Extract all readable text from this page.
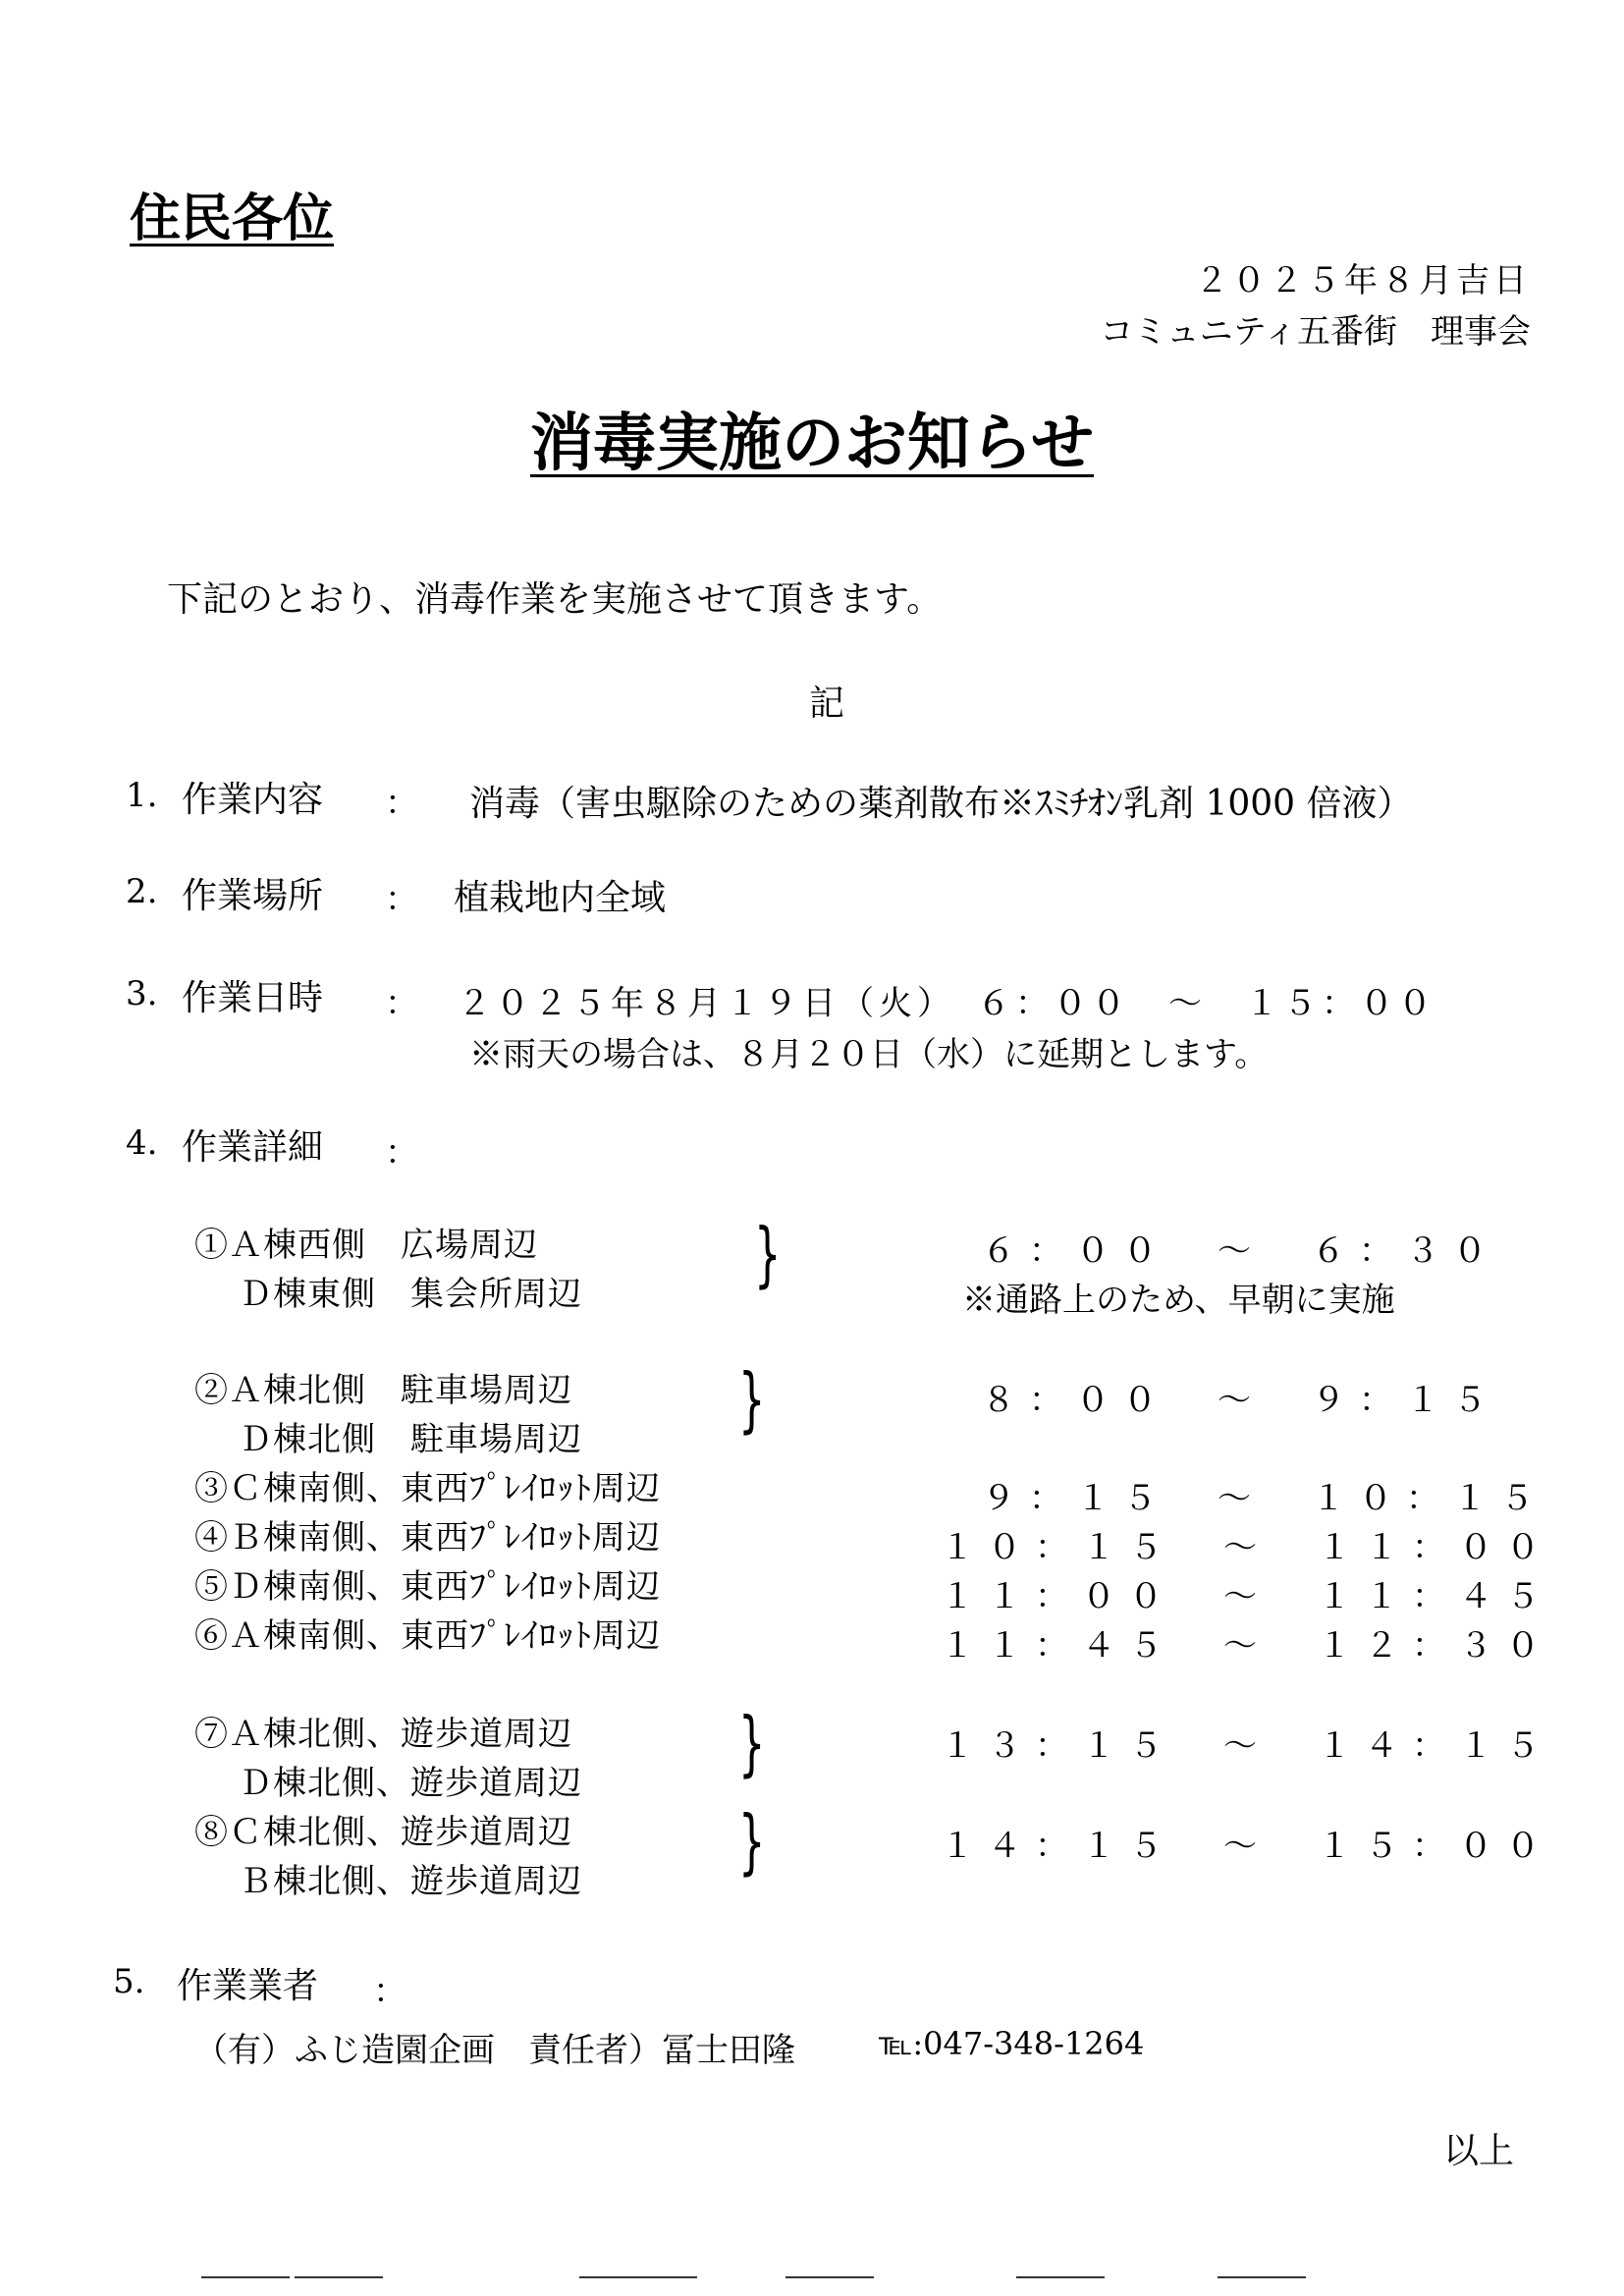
住民各位
２０２５年８月吉日
コミュニティ五番街　理事会
消毒実施のお知らせ
下記のとおり、消毒作業を実施させて頂きます。
記
1. 作業内容 ： 消毒（害虫駆除のための薬剤散布※ｽﾐﾁｵﾝ乳剤 1000 倍液）
2. 作業場所 ： 植栽地内全域
3. 作業日時 ： ２０２５年８月１９日（火）　６：００　～　１５：００
※雨天の場合は、８月２０日（水）に延期とします。
4. 作業詳細 ：
①Ａ棟西側　広場周辺
Ｄ棟東側　集会所周辺 }	６：００　～　６：３０
※通路上のため、早朝に実施
②Ａ棟北側　駐車場周辺
Ｄ棟北側　駐車場周辺 }	８：００　～　９：１５
③Ｃ棟南側、東西ﾌﾟﾚｲﾛｯﾄ周辺	９：１５　～　１０：１５
④Ｂ棟南側、東西ﾌﾟﾚｲﾛｯﾄ周辺	１０：１５　～　１１：００
⑤Ｄ棟南側、東西ﾌﾟﾚｲﾛｯﾄ周辺	１１：００　～　１１：４５
⑥Ａ棟南側、東西ﾌﾟﾚｲﾛｯﾄ周辺	１１：４５　～　１２：３０
⑦Ａ棟北側、遊歩道周辺
Ｄ棟北側、遊歩道周辺 }	１３：１５　～　１４：１５
⑧Ｃ棟北側、遊歩道周辺
Ｂ棟北側、遊歩道周辺 }	１４：１５　～　１５：００
5. 作業業者 ：
（有）ふじ造園企画　責任者）冨士田隆	℡:047-348-1264
以上
